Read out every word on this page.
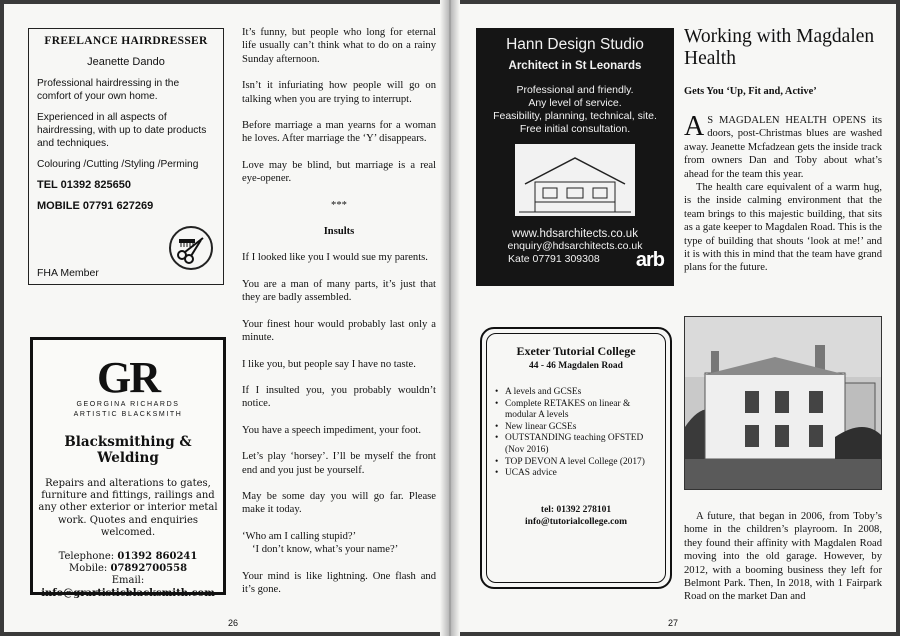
FREELANCE HAIRDRESSER
Jeanette Dando

Professional hairdressing in the comfort of your own home.

Experienced in all aspects of hairdressing, with up to date products and techniques.

Colouring /Cutting /Styling /Perming

TEL 01392 825650

MOBILE 07791 627269

FHA Member
GR
GEORGINA RICHARDS
ARTISTIC BLACKSMITH
Blacksmithing & Welding
Repairs and alterations to gates, furniture and fittings, railings and any other exterior or interior metal work. Quotes and enquiries welcomed.
Telephone: 01392 860241
Mobile: 07892700558
Email: info@grartisticblacksmith.com

It’s funny, but people who long for eternal life usually can’t think what to do on a rainy Sunday afternoon.

Isn’t it infuriating how people will go on talking when you are trying to interrupt.

Before marriage a man yearns for a woman he loves. After marriage the ‘Y’ disappears.

Love may be blind, but marriage is a real eye-opener.

***

Insults

If I looked like you I would sue my parents.

You are a man of many parts, it’s just that they are badly assembled.

Your finest hour would probably last only a minute.

I like you, but people say I have no taste.

If I insulted you, you probably wouldn’t notice.

You have a speech impediment, your foot.

Let’s play ‘horsey’. I’ll be myself the front end and you just be yourself.

May be some day you will go far. Please make it today.

‘Who am I calling stupid?’
‘I don’t know, what’s your name?’

Your mind is like lightning. One flash and it’s gone.

26
Hann Design Studio
Architect in St Leonards
Professional and friendly.
Any level of service.
Feasibility, planning, technical, site.
Free initial consultation.
www.hdsarchitects.co.uk
enquiry@hdsarchitects.co.uk
Kate 07791 309308	arb
Exeter Tutorial College
44 - 46 Magdalen Road
• A levels and GCSEs
• Complete RETAKES on linear & modular A levels
• New linear GCSEs
• OUTSTANDING teaching OFSTED (Nov 2016)
• TOP DEVON A level College (2017)
• UCAS advice
tel: 01392 278101
info@tutorialcollege.com
Working with Magdalen Health
Gets You ‘Up, Fit and, Active’
A S MAGDALEN HEALTH OPENS its doors, post-Christmas blues are washed away. Jeanette Mcfadzean gets the inside track from owners Dan and Toby about what’s ahead for the team this year.

The health care equivalent of a warm hug, is the inside calming environment that the team brings to this majestic building, that sits as a gate keeper to Magdalen Road. This is the type of building that shouts ‘look at me!’ and it is with this in mind that the team have grand plans for the future.

A future, that began in 2006, from Toby’s home in the children’s playroom. In 2008, they found their affinity with Magdalen Road moving into the old garage. However, by 2012, with a booming business they left for Belmont Park. Then, In 2018, with 1 Fairpark Road on the market Dan and

27
